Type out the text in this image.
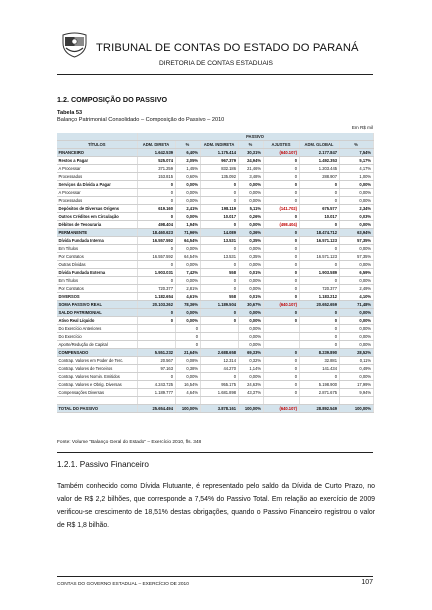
TRIBUNAL DE CONTAS DO ESTADO DO PARANÁ
DIRETORIA DE CONTAS ESTADUAIS
1.2. COMPOSIÇÃO DO PASSIVO
Tabela 53
Balanço Patrimonial Consolidado – Composição do Passivo – 2010
Em R$ mil
	PASSIVO						
TÍTULOS	ADM. DIRETA	%	ADM. INDIRETA	%	AJUSTES	ADM. GLOBAL	%
FINANCEIRO	1.642.539	6,40%	1.175.414	30,31%	(640.107)	2.177.847	7,54%
Restos a Pagar	525.074	2,05%	967.379	24,94%	0	1.492.353	5,17%
A Processar	371.259	1,45%	832.186	21,46%	0	1.203.445	4,17%
Processados	153.815	0,60%	135.092	3,48%	0	288.907	1,00%
Serviços da Dívida a Pagar	0	0,00%	0	0,00%	0	0	0,00%
A Processar	0	0,00%	0	0,00%	0	0	0,00%
Processados	0	0,00%	0	0,00%	0	0	0,00%
Depósitos de Diversas Origens	619.160	2,41%	198.119	5,11%	(141.702)	675.577	2,34%
Outros Créditos em Circulação	0	0,00%	10.017	0,26%	0	10.017	0,03%
Débitos de Tesouraria	498.404	1,94%	0	0,00%	(498.404)	0	0,00%
PERMANENTE	18.460.623	71,96%	14.089	0,36%	0	18.474.712	63,94%
Dívida Fundada Interna	16.557.592	64,54%	13.531	0,35%	0	16.571.123	57,35%
Em Títulos	0	0,00%	0	0,00%	0	0	0,00%
Por Contratos	16.557.592	64,54%	13.531	0,35%	0	16.571.123	57,35%
Outras Dívidas	0	0,00%	0	0,00%	0	0	0,00%
Dívida Fundada Externa	1.903.031	7,42%	558	0,01%	0	1.903.589	6,59%
Em Títulos	0	0,00%	0	0,00%	0	0	0,00%
Por Contratos	720.377	2,81%	0	0,00%	0	720.377	2,49%
DIVERSOS	1.182.654	4,61%	558	0,01%	0	1.183.212	4,10%
SOMA PASSIVO REAL	20.103.262	78,36%	1.189.504	30,67%	(640.107)	20.652.659	71,48%
SALDO PATRIMONIAL	0	0,00%	0	0,00%	0	0	0,00%
Ativo Real Líquido	0	0,00%	0	0,00%	0	0	0,00%
Do Exercício Anteriores		0		0,00%		0	0,00%
Do Exercício		0		0,00%		0	0,00%
Aporte/Redução de Capital		0		0,00%		0	0,00%
COMPENSADO	5.551.232	21,64%	2.688.658	69,33%	0	8.239.890	28,52%
Contrap. Valores em Poder de Terc.	20.567	0,08%	12.314	0,32%	0	32.881	0,11%
Contrap. Valores de Terceiros	97.163	0,38%	44.270	1,14%	0	141.434	0,49%
Contrap. Valores Nomin. Emitidos	0	0,00%	0	0,00%	0	0	0,00%
Contrap. Valores e Obrig. Diversas	4.243.725	16,54%	955.175	24,63%	0	5.198.900	17,99%
Compensações Diversas	1.189.777	4,64%	1.681.898	43,37%	0	2.871.675	9,94%

TOTAL DO PASSIVO	25.654.494	100,00%	3.878.161	100,00%	(640.107)	28.892.549	100,00%
Fonte: Volume "Balanço Geral do Estado" – Exercício 2010, fls. 348
1.2.1. Passivo Financeiro
Também conhecido como Dívida Flutuante, é representado pelo saldo da Dívida de Curto Prazo, no valor de R$ 2,2 bilhões, que corresponde a 7,54% do Passivo Total. Em relação ao exercício de 2009 verificou-se crescimento de 18,51% destas obrigações, quando o Passivo Financeiro registrou o valor de R$ 1,8 bilhão.
CONTAS DO GOVERNO ESTADUAL – EXERCÍCIO DE 2010	107
